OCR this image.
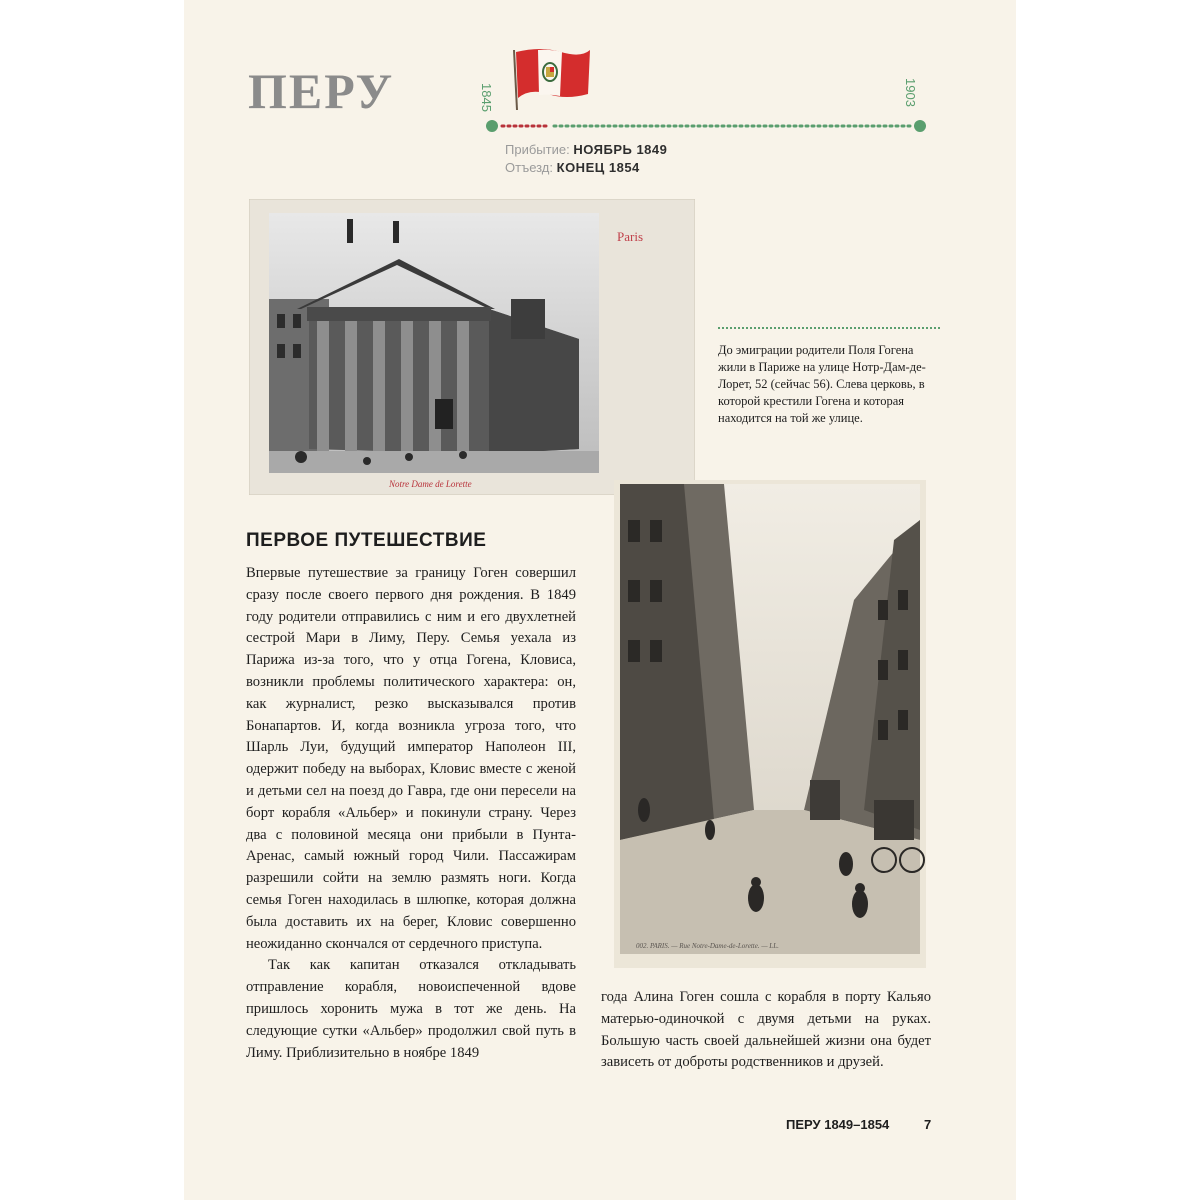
ПЕРУ	1845	1903
Прибытие: НОЯБРЬ 1849
Отъезд: КОНЕЦ 1854
Paris
Notre Dame de Lorette
До эмиграции родители Поля Гогена жили в Париже на улице Нотр-Дам-де-Лорет, 52 (сейчас 56). Слева церковь, в которой крестили Гогена и которая находится на той же улице.
002. PARIS. — Rue Notre-Dame-de-Lorette. — LL.
ПЕРВОЕ ПУТЕШЕСТВИЕ

Впервые путешествие за границу Гоген совершил сразу после своего первого дня рождения. В 1849 году родители отправились с ним и его двухлетней сестрой Мари в Лиму, Перу. Семья уехала из Парижа из-за того, что у отца Гогена, Кловиса, возникли проблемы политического характера: он, как журналист, резко высказывался против Бонапартов. И, когда возникла угроза того, что Шарль Луи, будущий император Наполеон III, одержит победу на выборах, Кловис вместе с женой и детьми сел на поезд до Гавра, где они пересели на борт корабля «Альбер» и покинули страну. Через два с половиной месяца они прибыли в Пунта-Аренас, самый южный город Чили. Пассажирам разрешили сойти на землю размять ноги. Когда семья Гоген находилась в шлюпке, которая должна была доставить их на берег, Кловис совершенно неожиданно скончался от сердечного приступа.

Так как капитан отказался откладывать отправление корабля, новоиспеченной вдове пришлось хоронить мужа в тот же день. На следующие сутки «Альбер» продолжил свой путь в Лиму. Приблизительно в ноябре 1849

года Алина Гоген сошла с корабля в порту Кальяо матерью-одиночкой с двумя детьми на руках. Большую часть своей дальнейшей жизни она будет зависеть от доброты родственников и друзей.

ПЕРУ 1849–1854	7
